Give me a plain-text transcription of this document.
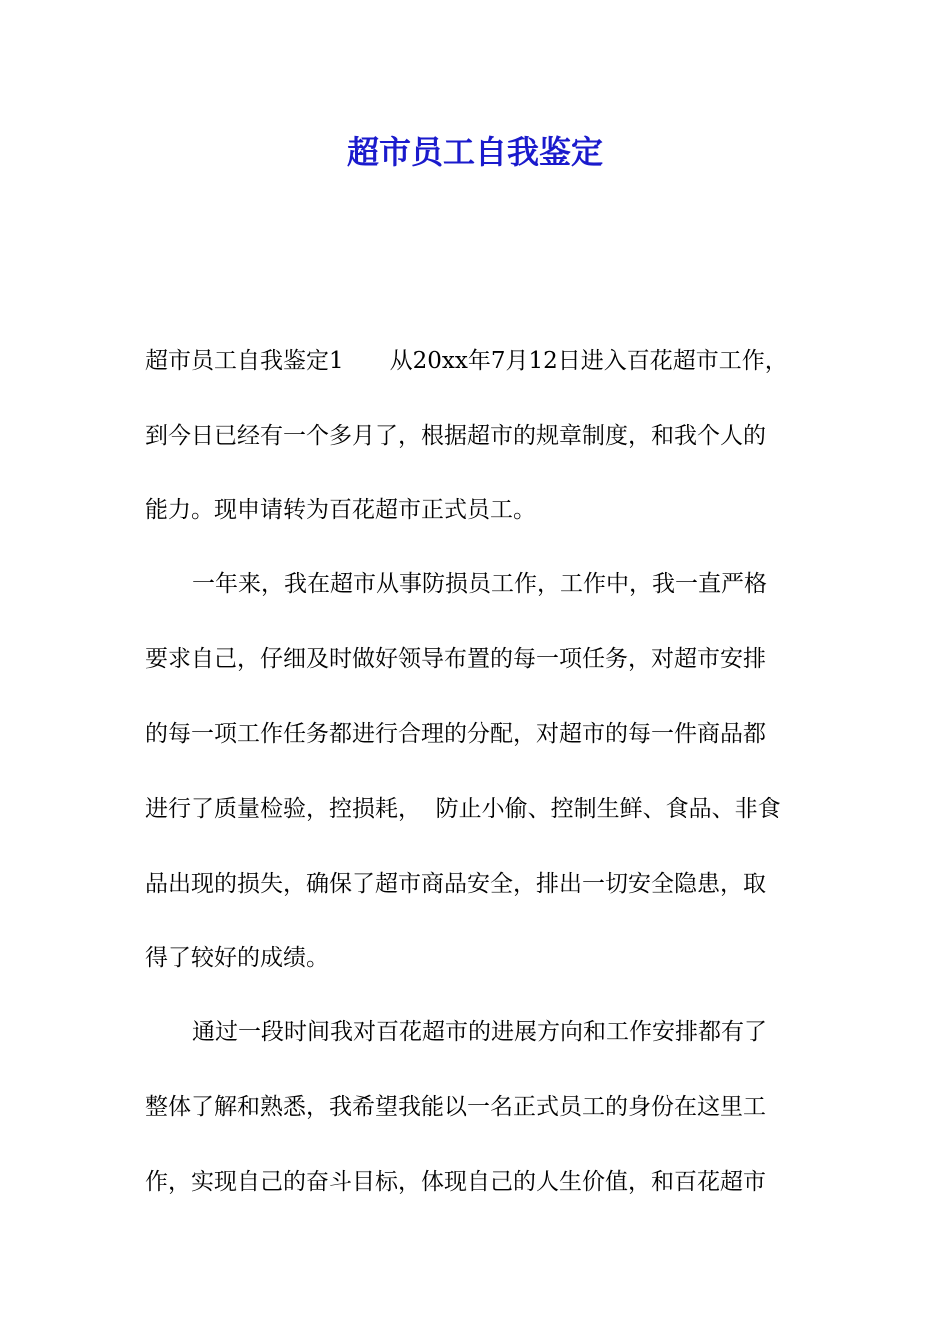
超市员工自我鉴定

超市员工自我鉴定1　　从20xx年7月12日进入百花超市工作，

到今日已经有一个多月了，根据超市的规章制度，和我个人的

能力。现申请转为百花超市正式员工。

一年来，我在超市从事防损员工作，工作中，我一直严格

要求自己，仔细及时做好领导布置的每一项任务，对超市安排

的每一项工作任务都进行合理的分配，对超市的每一件商品都

进行了质量检验，控损耗，  防止小偷、控制生鲜、食品、非食

品出现的损失，确保了超市商品安全，排出一切安全隐患，取

得了较好的成绩。

通过一段时间我对百花超市的进展方向和工作安排都有了

整体了解和熟悉，我希望我能以一名正式员工的身份在这里工

作，实现自己的奋斗目标，体现自己的人生价值，和百花超市
